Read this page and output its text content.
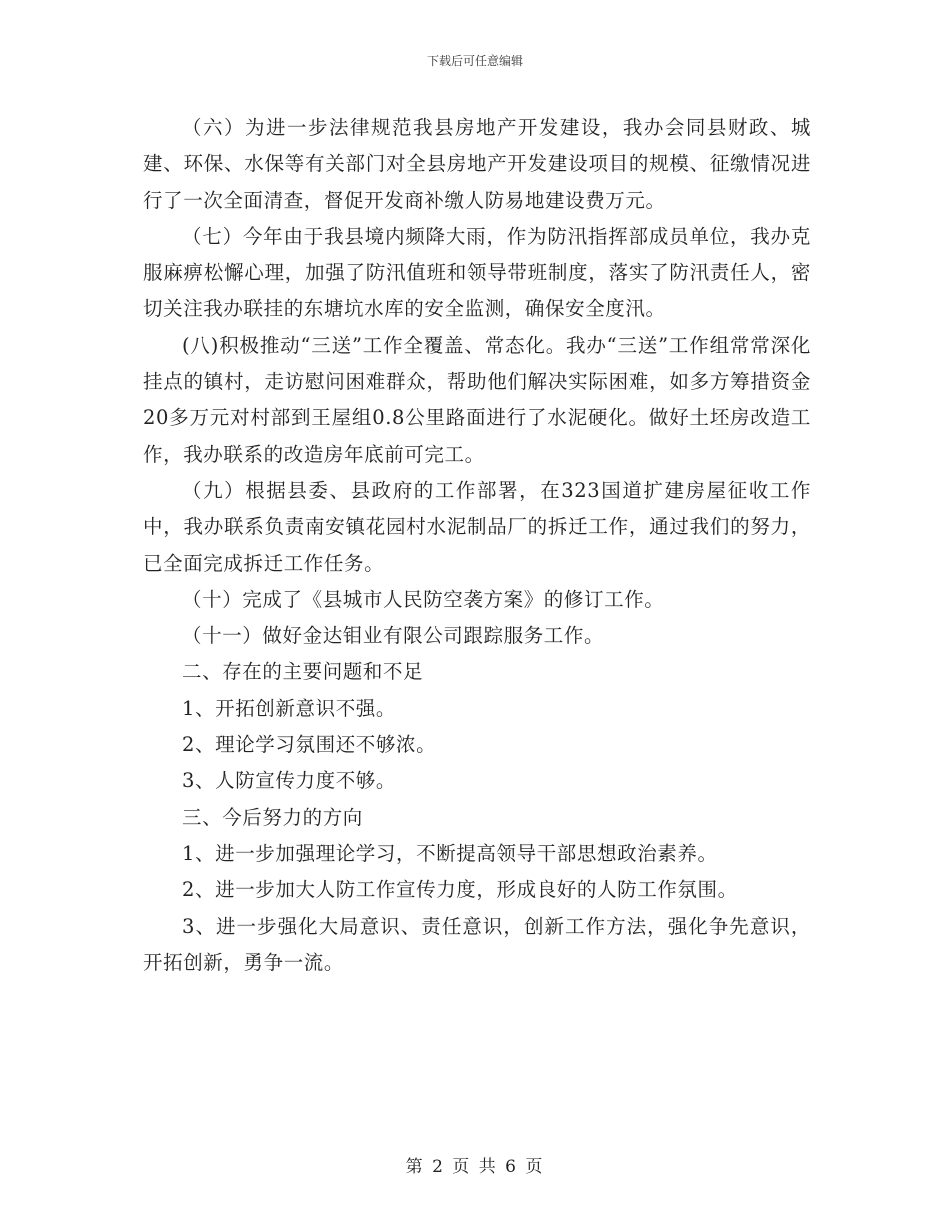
下载后可任意编辑

（六）为进一步法律规范我县房地产开发建设，我办会同县财政、城建、环保、水保等有关部门对全县房地产开发建设项目的规模、征缴情况进行了一次全面清查，督促开发商补缴人防易地建设费万元。

（七）今年由于我县境内频降大雨，作为防汛指挥部成员单位，我办克服麻痹松懈心理，加强了防汛值班和领导带班制度，落实了防汛责任人，密切关注我办联挂的东塘坑水库的安全监测，确保安全度汛。

(八)积极推动“三送”工作全覆盖、常态化。我办“三送”工作组常常深化挂点的镇村，走访慰问困难群众，帮助他们解决实际困难，如多方筹措资金20多万元对村部到王屋组0.8公里路面进行了水泥硬化。做好土坯房改造工作，我办联系的改造房年底前可完工。

（九）根据县委、县政府的工作部署，在323国道扩建房屋征收工作中，我办联系负责南安镇花园村水泥制品厂的拆迁工作，通过我们的努力，已全面完成拆迁工作任务。

（十）完成了《县城市人民防空袭方案》的修订工作。

（十一）做好金达钼业有限公司跟踪服务工作。

二、存在的主要问题和不足

1、开拓创新意识不强。

2、理论学习氛围还不够浓。

3、人防宣传力度不够。

三、今后努力的方向

1、进一步加强理论学习，不断提高领导干部思想政治素养。

2、进一步加大人防工作宣传力度，形成良好的人防工作氛围。

3、进一步强化大局意识、责任意识，创新工作方法，强化争先意识，开拓创新，勇争一流。

第 2 页 共 6 页
